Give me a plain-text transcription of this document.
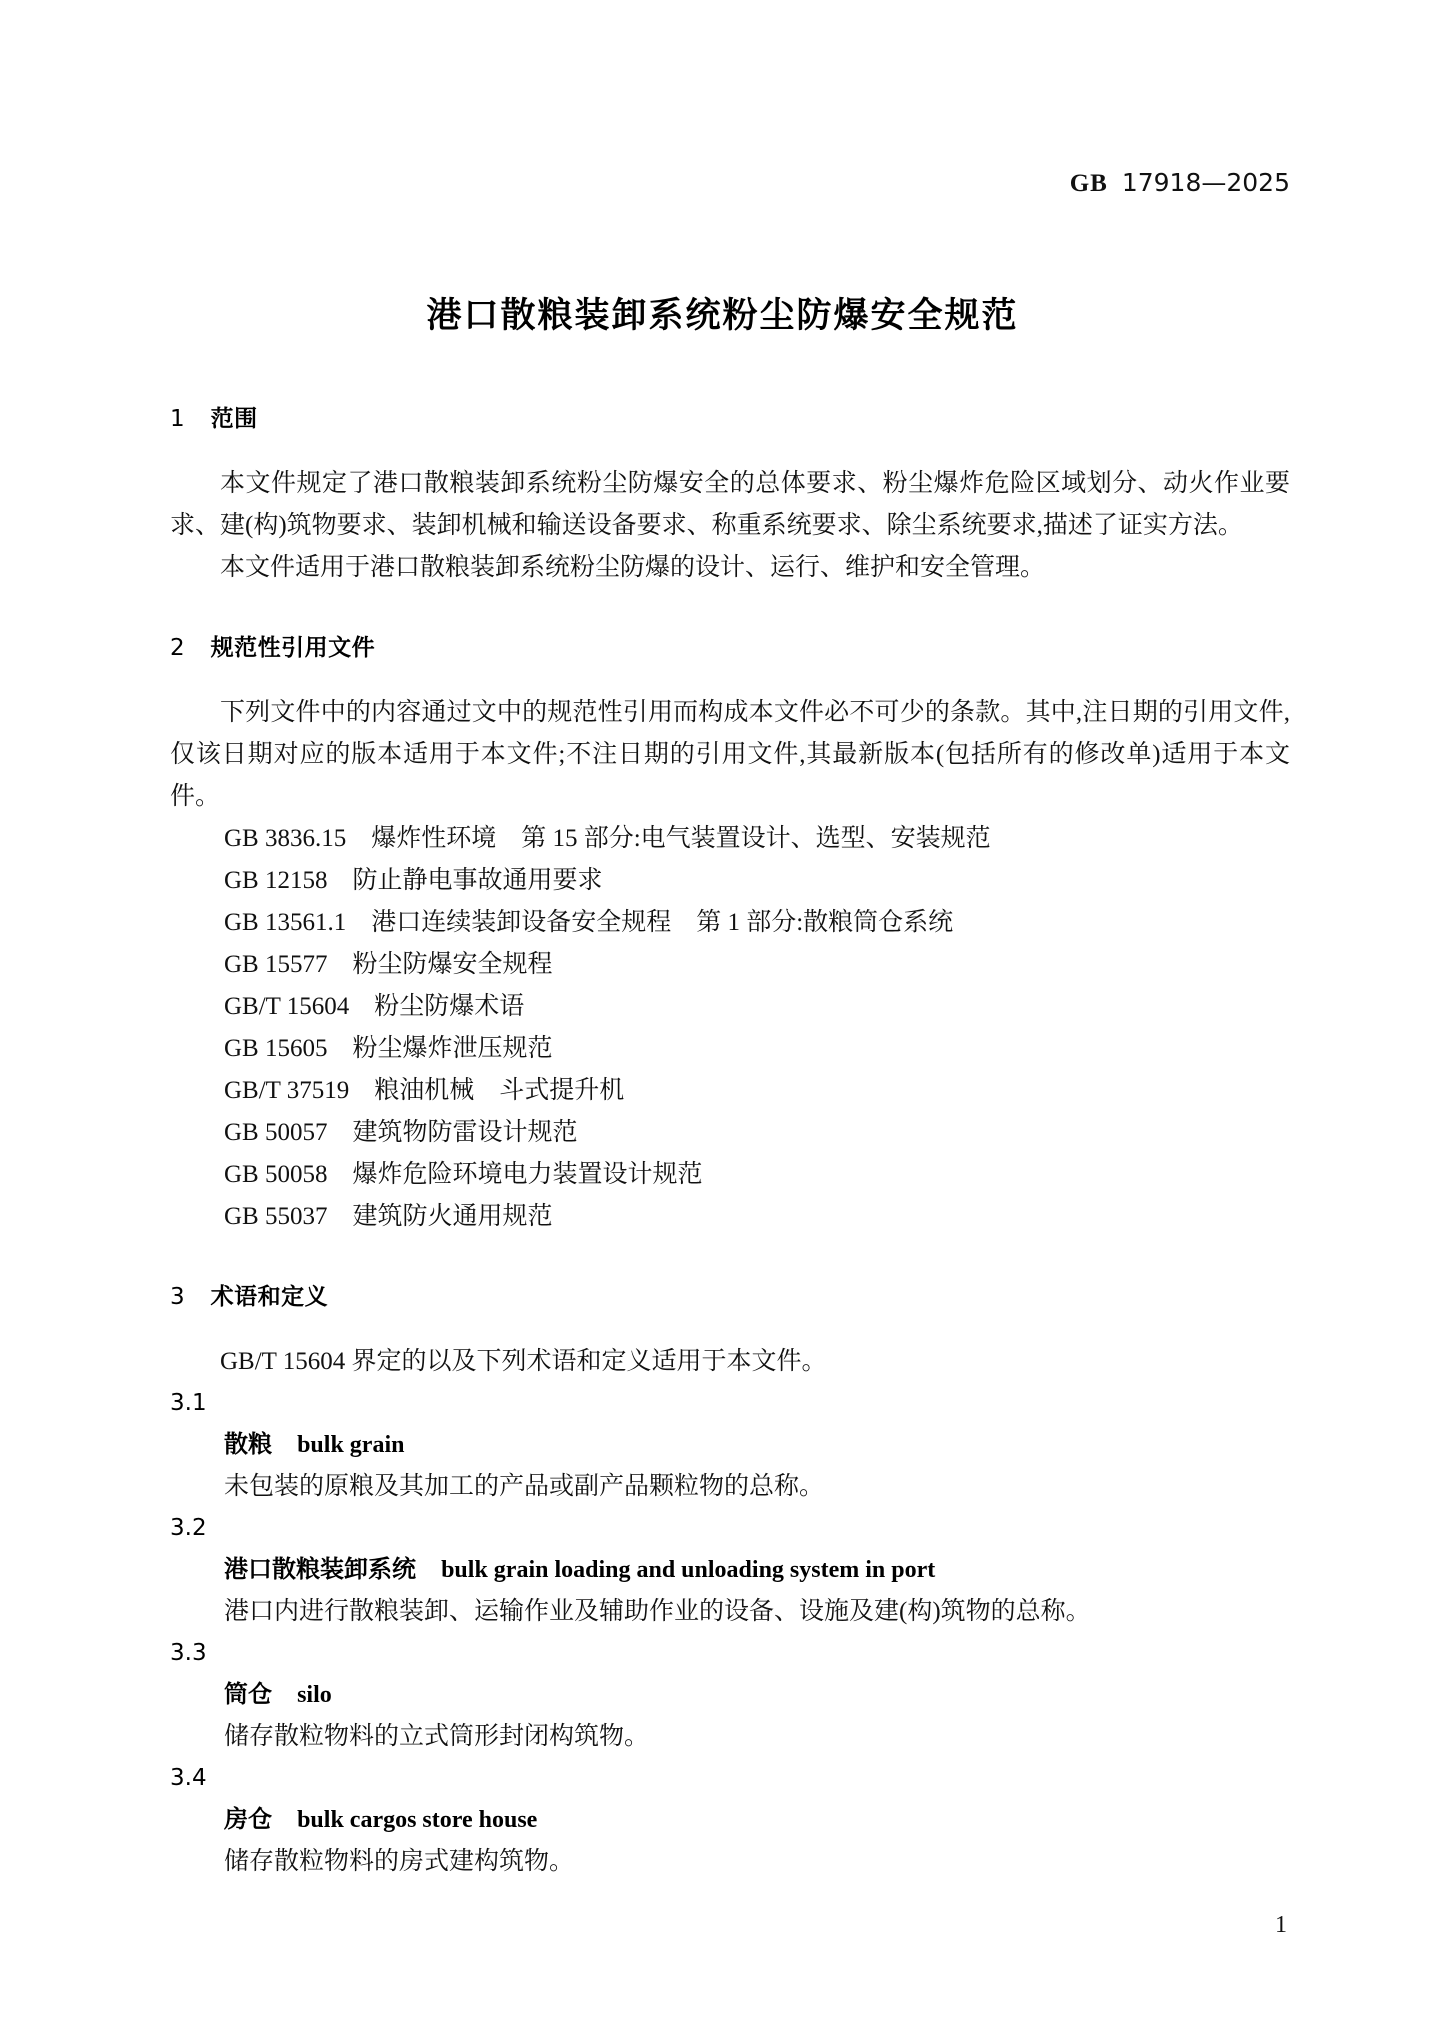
GB 17918—2025
港口散粮装卸系统粉尘防爆安全规范
1 范围

本文件规定了港口散粮装卸系统粉尘防爆安全的总体要求、粉尘爆炸危险区域划分、动火作业要求、建(构)筑物要求、装卸机械和输送设备要求、称重系统要求、除尘系统要求,描述了证实方法。

本文件适用于港口散粮装卸系统粉尘防爆的设计、运行、维护和安全管理。

2 规范性引用文件

下列文件中的内容通过文中的规范性引用而构成本文件必不可少的条款。其中,注日期的引用文件,仅该日期对应的版本适用于本文件;不注日期的引用文件,其最新版本(包括所有的修改单)适用于本文件。

GB 3836.15    爆炸性环境    第 15 部分:电气装置设计、选型、安装规范
GB 12158    防止静电事故通用要求
GB 13561.1    港口连续装卸设备安全规程    第 1 部分:散粮筒仓系统
GB 15577    粉尘防爆安全规程
GB/T 15604    粉尘防爆术语
GB 15605    粉尘爆炸泄压规范
GB/T 37519    粮油机械    斗式提升机
GB 50057    建筑物防雷设计规范
GB 50058    爆炸危险环境电力装置设计规范
GB 55037    建筑防火通用规范
3 术语和定义

GB/T 15604 界定的以及下列术语和定义适用于本文件。

3.1
散粮 bulk grain
未包装的原粮及其加工的产品或副产品颗粒物的总称。
3.2
港口散粮装卸系统 bulk grain loading and unloading system in port
港口内进行散粮装卸、运输作业及辅助作业的设备、设施及建(构)筑物的总称。
3.3
筒仓 silo
储存散粒物料的立式筒形封闭构筑物。
3.4
房仓 bulk cargos store house
储存散粒物料的房式建构筑物。
1
